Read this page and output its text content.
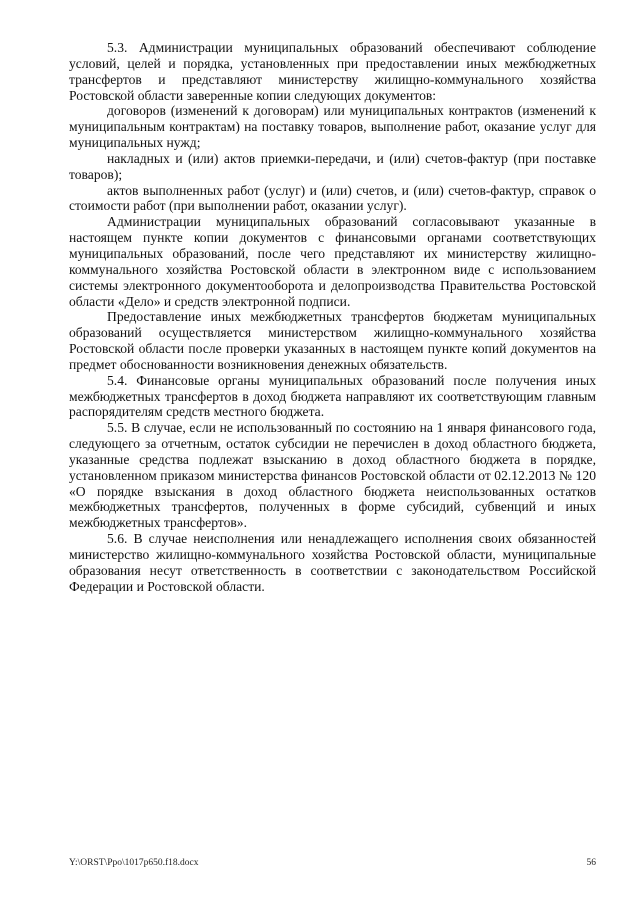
5.3. Администрации муниципальных образований обеспечивают соблюдение условий, целей и порядка, установленных при предоставлении иных межбюджетных трансфертов и представляют министерству жилищно-коммунального хозяйства Ростовской области заверенные копии следующих документов:

договоров (изменений к договорам) или муниципальных контрактов (изменений к муниципальным контрактам) на поставку товаров, выполнение работ, оказание услуг для муниципальных нужд;

накладных и (или) актов приемки-передачи, и (или) счетов-фактур (при поставке товаров);

актов выполненных работ (услуг) и (или) счетов, и (или) счетов-фактур, справок о стоимости работ (при выполнении работ, оказании услуг).

Администрации муниципальных образований согласовывают указанные в настоящем пункте копии документов с финансовыми органами соответствующих муниципальных образований, после чего представляют их министерству жилищно-коммунального хозяйства Ростовской области в электронном виде с использованием системы электронного документооборота и делопроизводства Правительства Ростовской области «Дело» и средств электронной подписи.

Предоставление иных межбюджетных трансфертов бюджетам муниципальных образований осуществляется министерством жилищно-коммунального хозяйства Ростовской области после проверки указанных в настоящем пункте копий документов на предмет обоснованности возникновения денежных обязательств.

5.4. Финансовые органы муниципальных образований после получения иных межбюджетных трансфертов в доход бюджета направляют их соответствующим главным распорядителям средств местного бюджета.

5.5. В случае, если не использованный по состоянию на 1 января финансового года, следующего за отчетным, остаток субсидии не перечислен в доход областного бюджета, указанные средства подлежат взысканию в доход областного бюджета в порядке, установленном приказом министерства финансов Ростовской области от 02.12.2013 № 120 «О порядке взыскания в доход областного бюджета неиспользованных остатков межбюджетных трансфертов, полученных в форме субсидий, субвенций и иных межбюджетных трансфертов».

5.6. В случае неисполнения или ненадлежащего исполнения своих обязанностей министерство жилищно-коммунального хозяйства Ростовской области, муниципальные образования несут ответственность в соответствии с законодательством Российской Федерации и Ростовской области.

Y:\ORST\Ppo\1017p650.f18.docx	56
